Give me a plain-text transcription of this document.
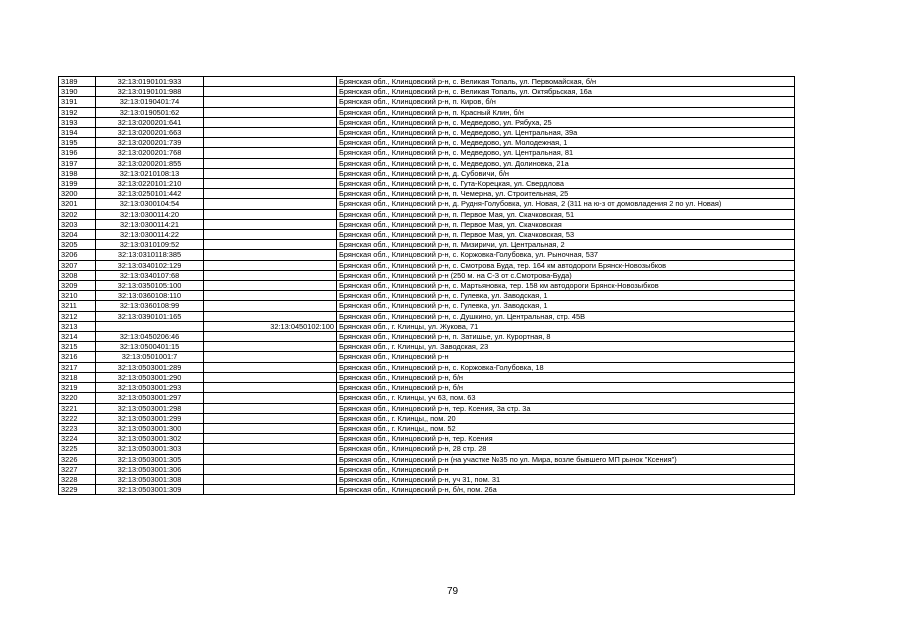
3189	32:13:0190101:933		Брянская обл., Клинцовский р-н, с. Великая Топаль, ул. Первомайская, б/н
3190	32:13:0190101:988		Брянская обл., Клинцовский р-н, с. Великая Топаль, ул. Октябрьская, 16а
3191	32:13:0190401:74		Брянская обл., Клинцовский р-н, п. Киров, б/н
3192	32:13:0190501:62		Брянская обл., Клинцовский р-н, п. Красный Клин, б/н
3193	32:13:0200201:641		Брянская обл., Клинцовский р-н, с. Медведово, ул. Рябуха, 25
3194	32:13:0200201:663		Брянская обл., Клинцовский р-н, с. Медведово, ул. Центральная, 39а
3195	32:13:0200201:739		Брянская обл., Клинцовский р-н, с. Медведово, ул. Молодежная, 1
3196	32:13:0200201:768		Брянская обл., Клинцовский р-н, с. Медведово, ул. Центральная, 81
3197	32:13:0200201:855		Брянская обл., Клинцовский р-н, с. Медведово, ул. Долиновка, 21а
3198	32:13:0210108:13		Брянская обл., Клинцовский р-н, д. Субовичи, б/н
3199	32:13:0220101:210		Брянская обл., Клинцовский р-н, с. Гута-Корецкая, ул. Свердлова
3200	32:13:0250101:442		Брянская обл., Клинцовский р-н, п. Чемерна, ул. Строительная, 25
3201	32:13:0300104:54		Брянская обл., Клинцовский р-н, д. Рудня-Голубовка, ул. Новая, 2 (311 на ю-з от домовладения 2 по ул. Новая)
3202	32:13:0300114:20		Брянская обл., Клинцовский р-н, п. Первое Мая, ул. Скачковская, 51
3203	32:13:0300114:21		Брянская обл., Клинцовский р-н, п. Первое Мая, ул. Скачковская
3204	32:13:0300114:22		Брянская обл., Клинцовский р-н, п. Первое Мая, ул. Скачковская, 53
3205	32:13:0310109:52		Брянская обл., Клинцовский р-н, п. Мизиричи, ул. Центральная, 2
3206	32:13:0310118:385		Брянская обл., Клинцовский р-н, с. Коржовка-Голубовка, ул. Рыночная, 537
3207	32:13:0340102:129		Брянская обл., Клинцовский р-н, с. Смотрова Буда, тер. 164 км автодороги Брянск-Новозыбков
3208	32:13:0340107:68		Брянская обл., Клинцовский р-н (250 м. на С-З от с.Смотрова-Буда)
3209	32:13:0350105:100		Брянская обл., Клинцовский р-н, с. Мартьяновка, тер. 158 км автодороги Брянск-Новозыбков
3210	32:13:0360108:110		Брянская обл., Клинцовский р-н, с. Гулевка, ул. Заводская, 1
3211	32:13:0360108:99		Брянская обл., Клинцовский р-н, с. Гулевка, ул. Заводская, 1
3212	32:13:0390101:165		Брянская обл., Клинцовский р-н, с. Душкино, ул. Центральная, стр. 45В
3213		32:13:0450102:100	Брянская обл., г. Клинцы, ул. Жукова, 71
3214	32:13:0450206:46		Брянская обл., Клинцовский р-н, п. Затишье, ул. Курортная, 8
3215	32:13:0500401:15		Брянская обл., г. Клинцы, ул. Заводская, 23
3216	32:13:0501001:7		Брянская обл., Клинцовский р-н
3217	32:13:0503001:289		Брянская обл., Клинцовский р-н, с. Коржовка-Голубовка, 18
3218	32:13:0503001:290		Брянская обл., Клинцовский р-н, б/н
3219	32:13:0503001:293		Брянская обл., Клинцовский р-н, б/н
3220	32:13:0503001:297		Брянская обл., г. Клинцы, уч 63, пом. 63
3221	32:13:0503001:298		Брянская обл., Клинцовский р-н, тер. Ксения, 3а стр. 3а
3222	32:13:0503001:299		Брянская обл., г. Клинцы,, пом. 20
3223	32:13:0503001:300		Брянская обл., г. Клинцы,, пом. 52
3224	32:13:0503001:302		Брянская обл., Клинцовский р-н, тер. Ксения
3225	32:13:0503001:303		Брянская обл., Клинцовский р-н, 28 стр. 28
3226	32:13:0503001:305		Брянская обл., Клинцовский р-н (на участке №35 по ул. Мира, возле бывшего МП рынок "Ксения")
3227	32:13:0503001:306		Брянская обл., Клинцовский р-н
3228	32:13:0503001:308		Брянская обл., Клинцовский р-н, уч 31, пом. 31
3229	32:13:0503001:309		Брянская обл., Клинцовский р-н, б/н, пом. 26а
79
